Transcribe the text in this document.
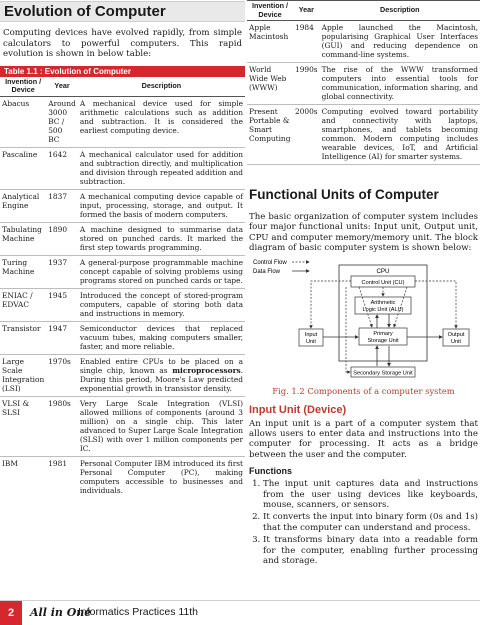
Evolution of Computer

Computing devices have evolved rapidly, from simple calculators to powerful computers. This rapid evolution is shown in below table:

Table 1.1 : Evolution of Computer
Invention / Device	Year	Description
Abacus	Around 3000 BC / 500 BC	A mechanical device used for simple arithmetic calculations such as addition and subtraction. It is considered the earliest computing device.
Pascaline	1642	A mechanical calculator used for addition and subtraction directly, and multiplication and division through repeated addition and subtraction.
Analytical Engine	1837	A mechanical computing device capable of input, processing, storage, and output. It formed the basis of modern computers.
Tabulating Machine	1890	A machine designed to summarise data stored on punched cards. It marked the first step towards programming.
Turing Machine	1937	A general-purpose programmable machine concept capable of solving problems using programs stored on punched cards or tape.
ENIAC / EDVAC	1945	Introduced the concept of stored-program computers, capable of storing both data and instructions in memory.
Transistor	1947	Semiconductor devices that replaced vacuum tubes, making computers smaller, faster, and more reliable.
Large Scale Integration (LSI)	1970s	Enabled entire CPUs to be placed on a single chip, known as microprocessors. During this period, Moore's Law predicted exponential growth in transistor density.
VLSI & SLSI	1980s	Very Large Scale Integration (VLSI) allowed millions of components (around 3 million) on a single chip. This later advanced to Super Large Scale Integration (SLSI) with over 1 million components per IC.
IBM	1981	Personal Computer IBM introduced its first Personal Computer (PC), making computers accessible to businesses and individuals.
Invention / Device	Year	Description
Apple Macintosh	1984	Apple launched the Macintosh, popularising Graphical User Interfaces (GUI) and reducing dependence on command-line systems.
World Wide Web (WWW)	1990s	The rise of the WWW transformed computers into essential tools for communication, information sharing, and global connectivity.
Present Portable & Smart Computing	2000s	Computing evolved toward portability and connectivity with laptops, smartphones, and tablets becoming common. Modern computing includes wearable devices, IoT, and Artificial Intelligence (AI) for smarter systems.
Functional Units of Computer

The basic organization of computer system includes four major functional units: Input unit, Output unit, CPU and computer memory/memory unit. The block diagram of basic computer system is shown below:

Control Flow
Data Flow	CPU
Control Unit (CU)
Arithmetic
Logic Unit (ALU)
Primary
Storage Unit
Input
Unit
Output
Unit
Secondary Storage Unit
Fig. 1.2 Components of a computer system
Input Unit (Device)

An input unit is a part of a computer system that allows users to enter data and instructions into the computer for processing. It acts as a bridge between the user and the computer.

Functions
1. The input unit captures data and instructions from the user using devices like keyboards, mouse, scanners, or sensors.
2. It converts the input into binary form (0s and 1s) that the computer can understand and process.
3. It transforms binary data into a readable form for the computer, enabling further processing and storage.
2	All in One
Informatics Practices 11th
